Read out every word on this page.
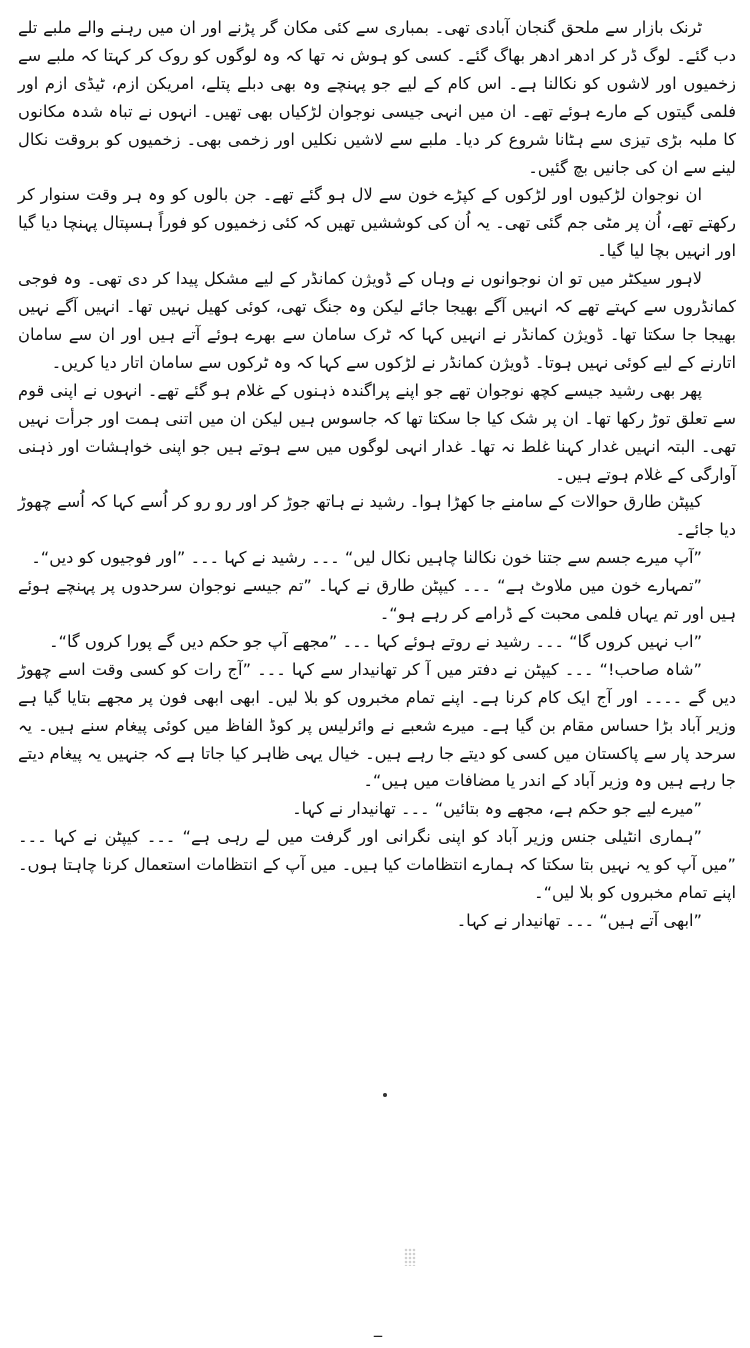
ٹرنک بازار سے ملحق گنجان آبادی تھی۔ بمباری سے کئی مکان گر پڑنے اور ان میں رہنے والے ملبے تلے دب گئے۔ لوگ ڈر کر ادھر ادھر بھاگ گئے۔ کسی کو ہوش نہ تھا کہ وہ لوگوں کو روک کر کہتا کہ ملبے سے زخمیوں اور لاشوں کو نکالنا ہے۔ اس کام کے لیے جو پہنچے وہ بھی دبلے پتلے، امریکن ازم، ٹیڈی ازم اور فلمی گیتوں کے مارے ہوئے تھے۔ ان میں انہی جیسی نوجوان لڑکیاں بھی تھیں۔ انہوں نے تباہ شدہ مکانوں کا ملبہ بڑی تیزی سے ہٹانا شروع کر دیا۔ ملبے سے لاشیں نکلیں اور زخمی بھی۔ زخمیوں کو بروقت نکال لینے سے ان کی جانیں بچ گئیں۔

ان نوجوان لڑکیوں اور لڑکوں کے کپڑے خون سے لال ہو گئے تھے۔ جن بالوں کو وہ ہر وقت سنوار کر رکھتے تھے، اُن پر مٹی جم گئی تھی۔ یہ اُن کی کوششیں تھیں کہ کئی زخمیوں کو فوراً ہسپتال پہنچا دیا گیا اور انہیں بچا لیا گیا۔

لاہور سیکٹر میں تو ان نوجوانوں نے وہاں کے ڈویژن کمانڈر کے لیے مشکل پیدا کر دی تھی۔ وہ فوجی کمانڈروں سے کہتے تھے کہ انہیں آگے بھیجا جائے لیکن وہ جنگ تھی، کوئی کھیل نہیں تھا۔ انہیں آگے نہیں بھیجا جا سکتا تھا۔ ڈویژن کمانڈر نے انہیں کہا کہ ٹرک سامان سے بھرے ہوئے آتے ہیں اور ان سے سامان اتارنے کے لیے کوئی نہیں ہوتا۔ ڈویژن کمانڈر نے لڑکوں سے کہا کہ وہ ٹرکوں سے سامان اتار دیا کریں۔

پھر بھی رشید جیسے کچھ نوجوان تھے جو اپنے پراگندہ ذہنوں کے غلام ہو گئے تھے۔ انہوں نے اپنی قوم سے تعلق توڑ رکھا تھا۔ ان پر شک کیا جا سکتا تھا کہ جاسوس ہیں لیکن ان میں اتنی ہمت اور جرأت نہیں تھی۔ البتہ انہیں غدار کہنا غلط نہ تھا۔ غدار انہی لوگوں میں سے ہوتے ہیں جو اپنی خواہشات اور ذہنی آوارگی کے غلام ہوتے ہیں۔

کیپٹن طارق حوالات کے سامنے جا کھڑا ہوا۔ رشید نے ہاتھ جوڑ کر اور رو رو کر اُسے کہا کہ اُسے چھوڑ دیا جائے۔

”آپ میرے جسم سے جتنا خون نکالنا چاہیں نکال لیں“ ۔۔۔ رشید نے کہا ۔۔۔ ”اور فوجیوں کو دیں“۔

”تمہارے خون میں ملاوٹ ہے“ ۔۔۔ کیپٹن طارق نے کہا۔ ”تم جیسے نوجوان سرحدوں پر پہنچے ہوئے ہیں اور تم یہاں فلمی محبت کے ڈرامے کر رہے ہو“۔

”اب نہیں کروں گا“ ۔۔۔ رشید نے روتے ہوئے کہا ۔۔۔ ”مجھے آپ جو حکم دیں گے پورا کروں گا“۔

”شاہ صاحب!“ ۔۔۔ کیپٹن نے دفتر میں آ کر تھانیدار سے کہا ۔۔۔ ”آج رات کو کسی وقت اسے چھوڑ دیں گے ۔۔۔۔ اور آج ایک کام کرنا ہے۔ اپنے تمام مخبروں کو بلا لیں۔ ابھی ابھی فون پر مجھے بتایا گیا ہے وزیر آباد بڑا حساس مقام بن گیا ہے۔ میرے شعبے نے وائرلیس پر کوڈ الفاظ میں کوئی پیغام سنے ہیں۔ یہ سرحد پار سے پاکستان میں کسی کو دیتے جا رہے ہیں۔ خیال یہی ظاہر کیا جاتا ہے کہ جنہیں یہ پیغام دیتے جا رہے ہیں وہ وزیر آباد کے اندر یا مضافات میں ہیں“۔

”میرے لیے جو حکم ہے، مجھے وہ بتائیں“ ۔۔۔ تھانیدار نے کہا۔

”ہماری انٹیلی جنس وزیر آباد کو اپنی نگرانی اور گرفت میں لے رہی ہے“ ۔۔۔ کیپٹن نے کہا ۔۔۔ ”میں آپ کو یہ نہیں بتا سکتا کہ ہمارے انتظامات کیا ہیں۔ میں آپ کے انتظامات استعمال کرنا چاہتا ہوں۔ اپنے تمام مخبروں کو بلا لیں“۔

”ابھی آتے ہیں“ ۔۔۔ تھانیدار نے کہا۔

ــ
